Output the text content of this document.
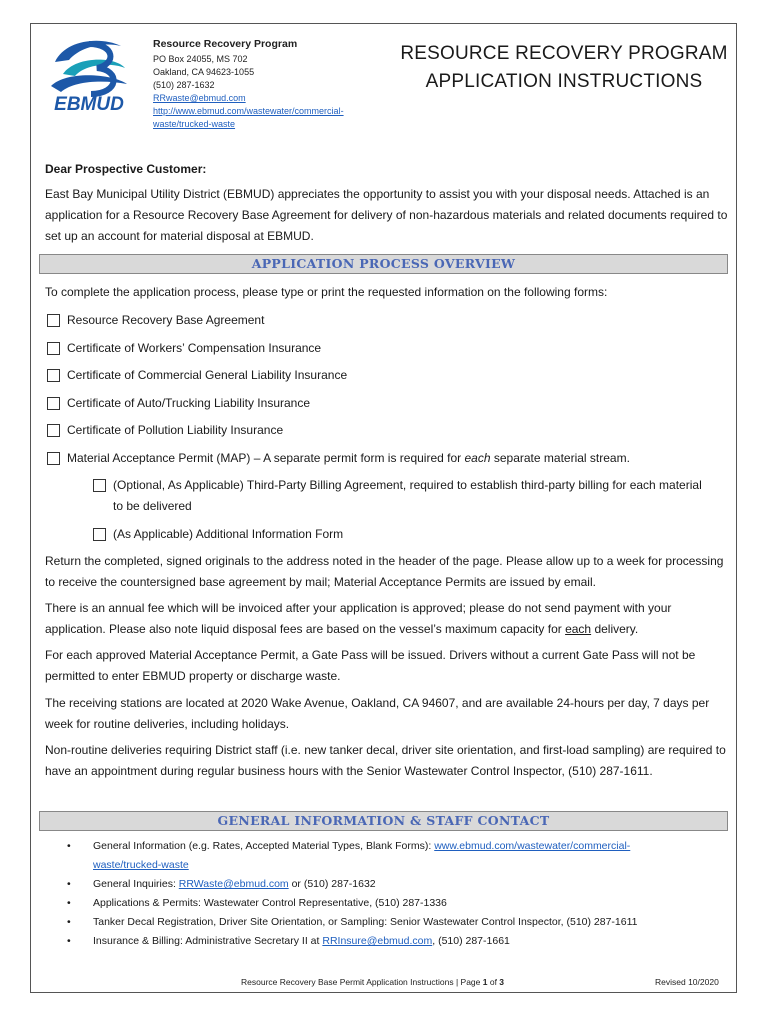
EBMUD
Resource Recovery Program
PO Box 24055, MS 702
Oakland, CA 94623-1055
(510) 287-1632
RRwaste@ebmud.com
http://www.ebmud.com/wastewater/commercial-
waste/trucked-waste
RESOURCE RECOVERY PROGRAM
APPLICATION INSTRUCTIONS
Dear Prospective Customer:
East Bay Municipal Utility District (EBMUD) appreciates the opportunity to assist you with your disposal needs. Attached is an application for a Resource Recovery Base Agreement for delivery of non-hazardous materials and related documents required to set up an account for material disposal at EBMUD.
APPLICATION PROCESS OVERVIEW
To complete the application process, please type or print the requested information on the following forms:
Resource Recovery Base Agreement
Certificate of Workers’ Compensation Insurance
Certificate of Commercial General Liability Insurance
Certificate of Auto/Trucking Liability Insurance
Certificate of Pollution Liability Insurance
Material Acceptance Permit (MAP) – A separate permit form is required for each separate material stream.
(Optional, As Applicable) Third-Party Billing Agreement, required to establish third-party billing for each material to be delivered
(As Applicable) Additional Information Form
Return the completed, signed originals to the address noted in the header of the page. Please allow up to a week for processing to receive the countersigned base agreement by mail; Material Acceptance Permits are issued by email.
There is an annual fee which will be invoiced after your application is approved; please do not send payment with your application. Please also note liquid disposal fees are based on the vessel’s maximum capacity for each delivery.
For each approved Material Acceptance Permit, a Gate Pass will be issued. Drivers without a current Gate Pass will not be permitted to enter EBMUD property or discharge waste.
The receiving stations are located at 2020 Wake Avenue, Oakland, CA 94607, and are available 24-hours per day, 7 days per week for routine deliveries, including holidays.
Non-routine deliveries requiring District staff (i.e. new tanker decal, driver site orientation, and first-load sampling) are required to have an appointment during regular business hours with the Senior Wastewater Control Inspector, (510) 287-1611.
GENERAL INFORMATION & STAFF CONTACT
• General Information (e.g. Rates, Accepted Material Types, Blank Forms): www.ebmud.com/wastewater/commercial-
waste/trucked-waste
• General Inquiries: RRWaste@ebmud.com or (510) 287-1632
• Applications & Permits: Wastewater Control Representative, (510) 287-1336
• Tanker Decal Registration, Driver Site Orientation, or Sampling: Senior Wastewater Control Inspector, (510) 287-1611
• Insurance & Billing: Administrative Secretary II at RRInsure@ebmud.com, (510) 287-1661
Resource Recovery Base Permit Application Instructions | Page 1 of 3	Revised 10/2020
